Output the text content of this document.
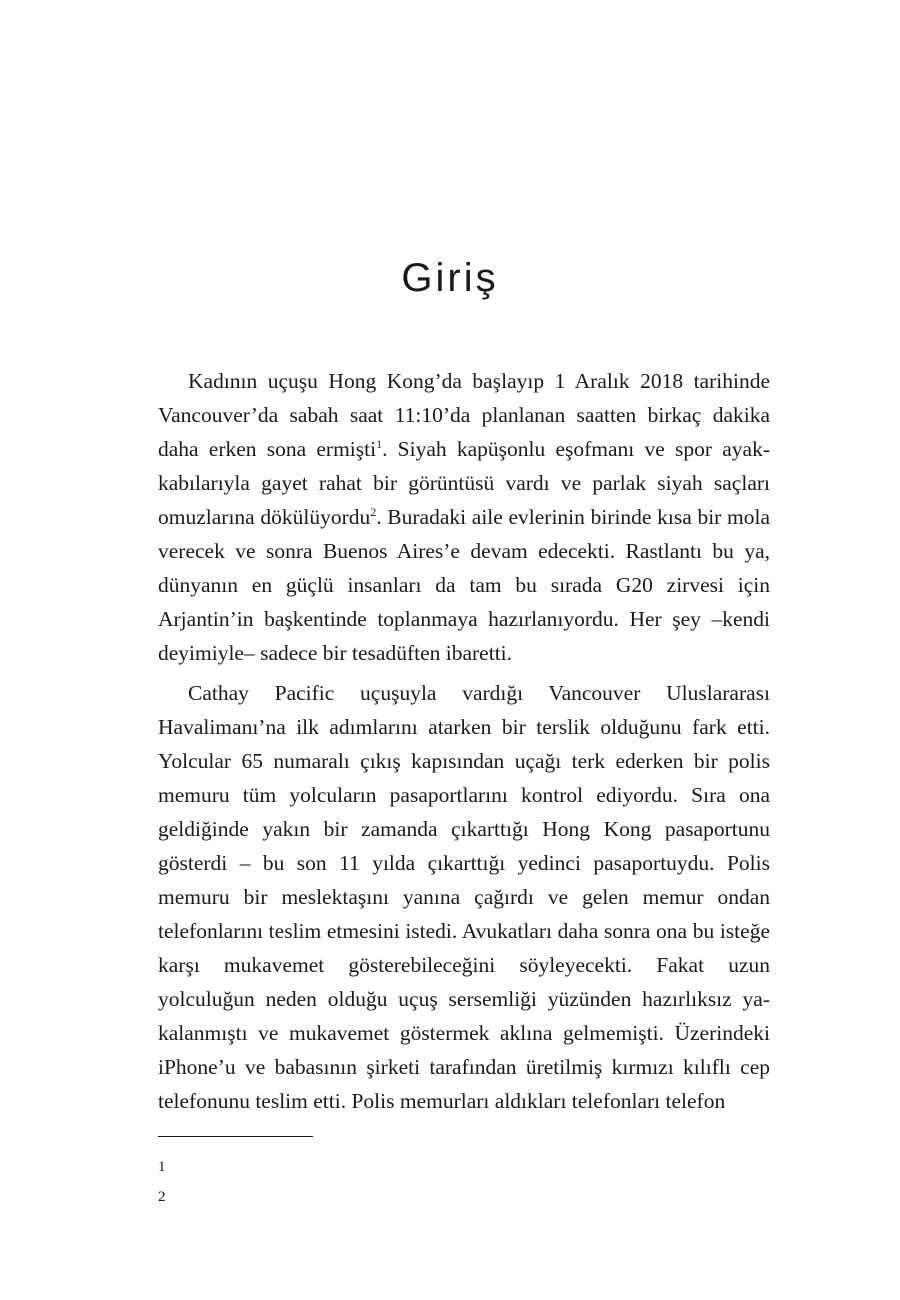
Giriş

Kadının uçuşu Hong Kong’da başlayıp 1 Aralık 2018 tarihinde Vancouver’da sabah saat 11:10’da planlanan saatten birkaç dakika daha erken sona ermişti$^1$. Siyah kapüşonlu eşofmanı ve spor ayakkabılarıyla gayet rahat bir görüntüsü vardı ve parlak siyah saçları omuzlarına dökülüyordu$^2$. Buradaki aile evlerinin birinde kısa bir mola verecek ve sonra Buenos Aires’e devam edecekti. Rastlantı bu ya, dünyanın en güçlü insanları da tam bu sırada G20 zirvesi için Arjantin’in başkentinde toplanmaya hazırlanıyordu. Her şey –kendi deyimiyle– sadece bir tesadüften ibaretti.

Cathay Pacific uçuşuyla vardığı Vancouver Uluslararası Havalimanı’na ilk adımlarını atarken bir terslik olduğunu fark etti. Yolcular 65 numaralı çıkış kapısından uçağı terk ederken bir polis memuru tüm yolcuların pasaportlarını kontrol ediyordu. Sıra ona geldiğinde yakın bir zamanda çıkarttığı Hong Kong pasaportunu gösterdi – bu son 11 yılda çıkarttığı yedinci pasaportuydu. Polis memuru bir meslektaşını yanına çağırdı ve gelen memur ondan telefonlarını teslim etmesini istedi. Avukatları daha sonra ona bu isteğe karşı mukavemet gösterebileceğini söyleyecekti. Fakat uzun yolculuğun neden olduğu uçuş sersemliği yüzünden hazırlıksız yakalanmıştı ve mukavemet göstermek aklına gelmemişti. Üzerindeki iPhone’u ve babasının şirketi tarafından üretilmiş kırmızı kılıflı cep telefonunu teslim etti. Polis memurları aldıkları telefonları telefon

1
2
